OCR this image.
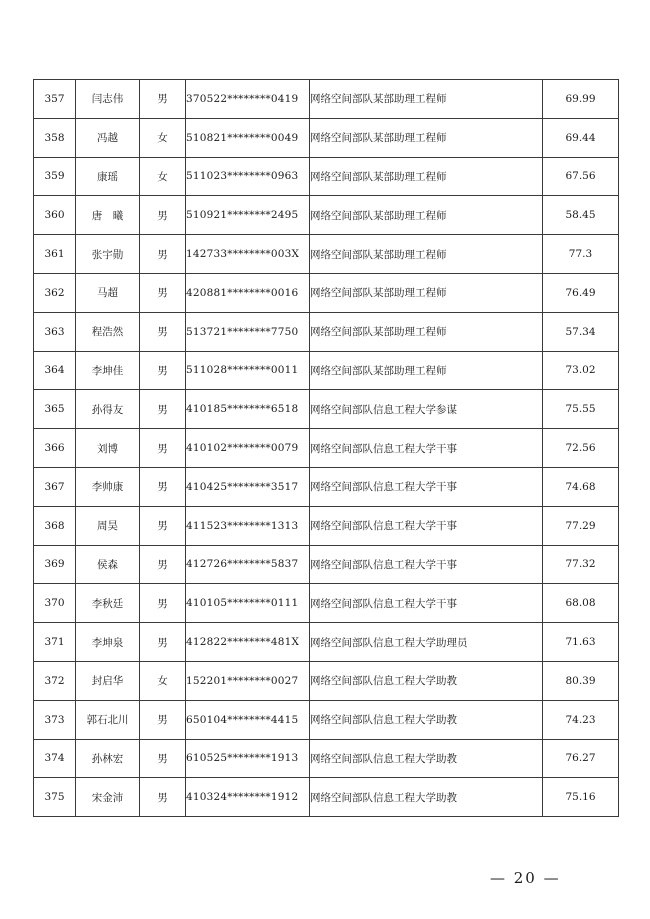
357	闫志伟	男	370522********0419	网络空间部队某部助理工程师	69.99
358	冯越	女	510821********0049	网络空间部队某部助理工程师	69.44
359	康瑶	女	511023********0963	网络空间部队某部助理工程师	67.56
360	唐　曦	男	510921********2495	网络空间部队某部助理工程师	58.45
361	张宇勋	男	142733********003X	网络空间部队某部助理工程师	77.3
362	马超	男	420881********0016	网络空间部队某部助理工程师	76.49
363	程浩然	男	513721********7750	网络空间部队某部助理工程师	57.34
364	李坤佳	男	511028********0011	网络空间部队某部助理工程师	73.02
365	孙得友	男	410185********6518	网络空间部队信息工程大学参谋	75.55
366	刘博	男	410102********0079	网络空间部队信息工程大学干事	72.56
367	李帅康	男	410425********3517	网络空间部队信息工程大学干事	74.68
368	周昊	男	411523********1313	网络空间部队信息工程大学干事	77.29
369	侯森	男	412726********5837	网络空间部队信息工程大学干事	77.32
370	李秋廷	男	410105********0111	网络空间部队信息工程大学干事	68.08
371	李坤泉	男	412822********481X	网络空间部队信息工程大学助理员	71.63
372	封启华	女	152201********0027	网络空间部队信息工程大学助教	80.39
373	郭石北川	男	650104********4415	网络空间部队信息工程大学助教	74.23
374	孙林宏	男	610525********1913	网络空间部队信息工程大学助教	76.27
375	宋金沛	男	410324********1912	网络空间部队信息工程大学助教	75.16
— 20 —
